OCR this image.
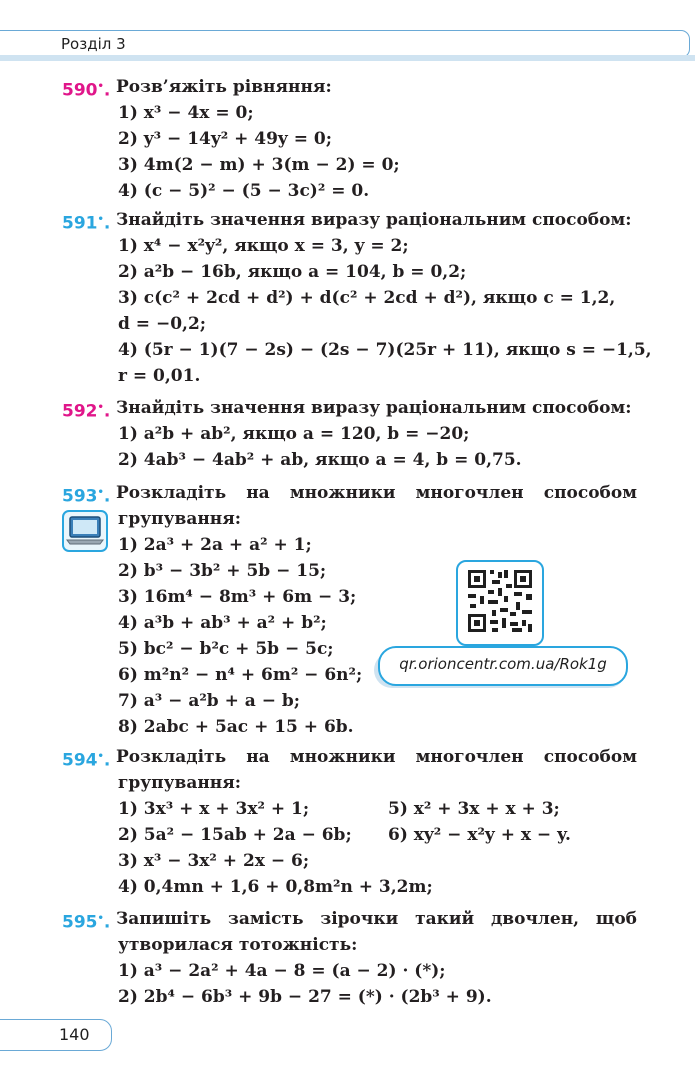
Розділ 3
590•. Розв’яжіть рівняння:
1) x³ − 4x = 0;
2) y³ − 14y² + 49y = 0;
3) 4m(2 − m) + 3(m − 2) = 0;
4) (c − 5)² − (5 − 3c)² = 0.
591•. Знайдіть значення виразу раціональним способом:
1) x⁴ − x²y², якщо x = 3, y = 2;
2) a²b − 16b, якщо a = 104, b = 0,2;
3) c(c² + 2cd + d²) + d(c² + 2cd + d²), якщо c = 1,2,
d = −0,2;
4) (5r − 1)(7 − 2s) − (2s − 7)(25r + 11), якщо s = −1,5,
r = 0,01.
592•. Знайдіть значення виразу раціональним способом:
1) a²b + ab², якщо a = 120, b = −20;
2) 4ab³ − 4ab² + ab, якщо a = 4, b = 0,75.
593•. Розкладіть на множники многочлен способом
групування:
1) 2a³ + 2a + a² + 1;
2) b³ − 3b² + 5b − 15;
3) 16m⁴ − 8m³ + 6m − 3;
4) a³b + ab³ + a² + b²;
5) bc² − b²c + 5b − 5c;
6) m²n² − n⁴ + 6m² − 6n²;
7) a³ − a²b + a − b;
8) 2abc + 5ac + 15 + 6b.
qr.orioncentr.com.ua/Rok1g
594•. Розкладіть на множники многочлен способом
групування:
1) 3x³ + x + 3x² + 1;	5) x² + 3x + x + 3;
2) 5a² − 15ab + 2a − 6b; 6) xy² − x²y + x − y.
3) x³ − 3x² + 2x − 6;
4) 0,4mn + 1,6 + 0,8m²n + 3,2m;
595•. Запишіть замість зірочки такий двочлен, щоб
утворилася тотожність:
1) a³ − 2a² + 4a − 8 = (a − 2) · (*);
2) 2b⁴ − 6b³ + 9b − 27 = (*) · (2b³ + 9).
140
